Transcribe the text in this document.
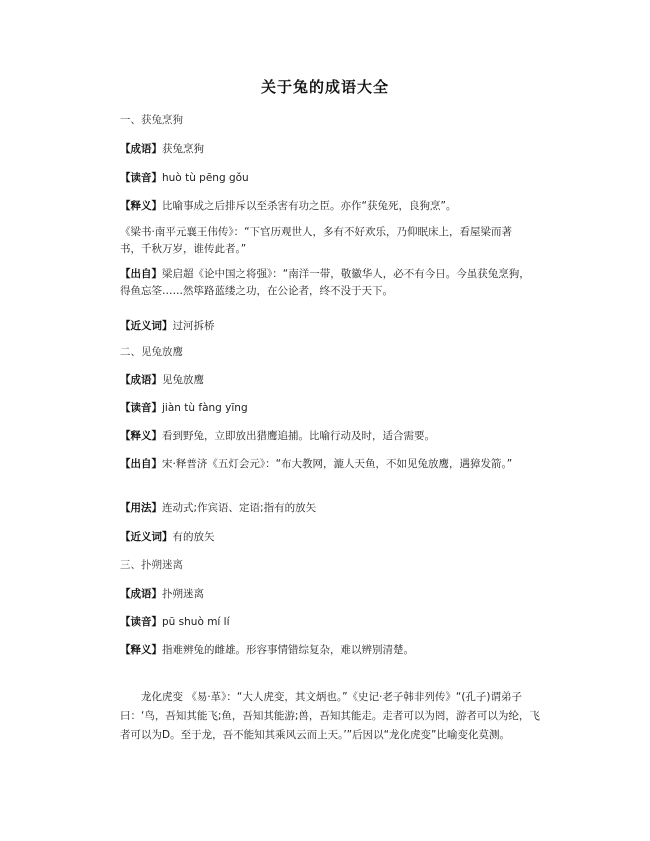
关于兔的成语大全
一、获兔烹狗
【成语】获兔烹狗
【读音】huò tù pēng gǒu
【释义】比喻事成之后排斥以至杀害有功之臣。亦作“获兔死，良狗烹”。
《梁书·南平元襄王伟传》：“下官历观世人，多有不好欢乐，乃仰眠床上，看屋梁而著书，千秋万岁，谁传此者。”
【出自】梁启超《论中国之将强》：“南洋一带，敬徽华人，必不有今日。今虽获兔烹狗，得鱼忘筌……然筚路蓝缕之功，在公论者，终不没于天下。
【近义词】过河拆桥
二、见兔放鹰
【成语】见兔放鹰
【读音】jiàn tù fàng yīng
【释义】看到野兔，立即放出猎鹰追捕。比喻行动及时，适合需要。
【出自】宋·释普济《五灯会元》：“布大教网，漉人天鱼，不如见兔放鹰，遇獐发箭。”
【用法】连动式;作宾语、定语;指有的放矢
【近义词】有的放矢
三、扑朔迷离
【成语】扑朔迷离
【读音】pū shuò mí lí
【释义】指难辨兔的雌雄。形容事情错综复杂，难以辨别清楚。
龙化虎变 《易·革》：“大人虎变，其文炳也。”《史记·老子韩非列传》“(孔子)谓弟子曰：‘鸟，吾知其能飞;鱼，吾知其能游;兽，吾知其能走。走者可以为罔，游者可以为纶，飞者可以为D。至于龙，吾不能知其乘风云而上天。’”后因以“龙化虎变”比喻变化莫测。
